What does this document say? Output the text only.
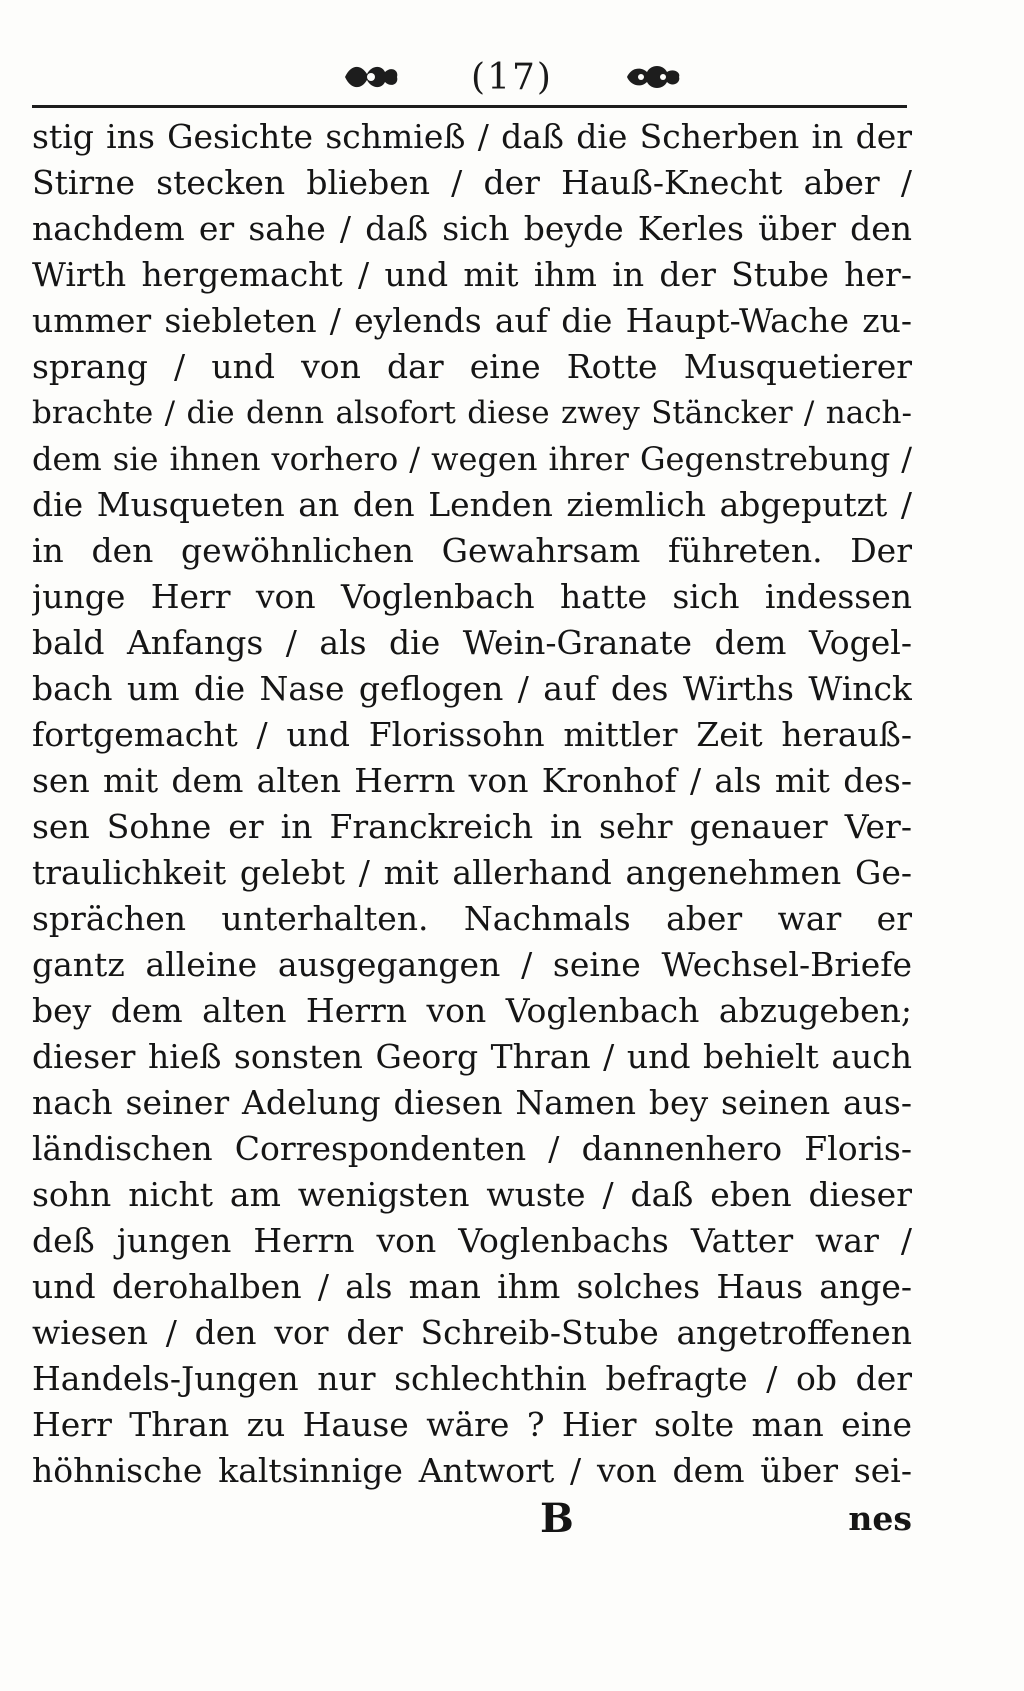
(17)
stig ins Gesichte schmieß / daß die Scherben in der
Stirne stecken blieben / der Hauß-Knecht aber /
nachdem er sahe / daß sich beyde Kerles über den
Wirth hergemacht / und mit ihm in der Stube her-
ummer siebleten / eylends auf die Haupt-Wache zu-
sprang / und von dar eine Rotte Musquetierer
brachte / die denn alsofort diese zwey Stäncker / nach-
dem sie ihnen vorhero / wegen ihrer Gegenstrebung /
die Musqueten an den Lenden ziemlich abgeputzt /
in den gewöhnlichen Gewahrsam führeten. Der
junge Herr von Voglenbach hatte sich indessen
bald Anfangs / als die Wein-Granate dem Vogel-
bach um die Nase geflogen / auf des Wirths Winck
fortgemacht / und Florissohn mittler Zeit herauß-
sen mit dem alten Herrn von Kronhof / als mit des-
sen Sohne er in Franckreich in sehr genauer Ver-
traulichkeit gelebt / mit allerhand angenehmen Ge-
sprächen unterhalten. Nachmals aber war er
gantz alleine ausgegangen / seine Wechsel-Briefe
bey dem alten Herrn von Voglenbach abzugeben;
dieser hieß sonsten Georg Thran / und behielt auch
nach seiner Adelung diesen Namen bey seinen aus-
ländischen Correspondenten / dannenhero Floris-
sohn nicht am wenigsten wuste / daß eben dieser
deß jungen Herrn von Voglenbachs Vatter war /
und derohalben / als man ihm solches Haus ange-
wiesen / den vor der Schreib-Stube angetroffenen
Handels-Jungen nur schlechthin befragte / ob der
Herr Thran zu Hause wäre ? Hier solte man eine
höhnische kaltsinnige Antwort / von dem über sei-
B	nes
